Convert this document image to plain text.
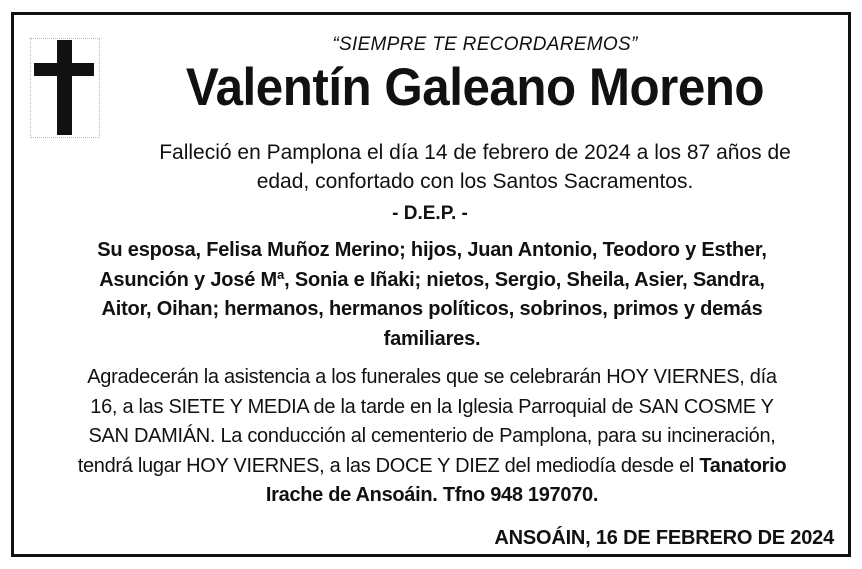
“SIEMPRE TE RECORDAREMOS”
Valentín Galeano Moreno
Falleció en Pamplona el día 14 de febrero de 2024 a los 87 años de
edad, confortado con los Santos Sacramentos.
- D.E.P. -
Su esposa, Felisa Muñoz Merino; hijos, Juan Antonio, Teodoro y Esther,
Asunción y José Mª, Sonia e Iñaki; nietos, Sergio, Sheila, Asier, Sandra,
Aitor, Oihan; hermanos, hermanos políticos, sobrinos, primos y demás
familiares.
Agradecerán la asistencia a los funerales que se celebrarán HOY VIERNES, día
16, a las SIETE Y MEDIA de la tarde en la Iglesia Parroquial de SAN COSME Y
SAN DAMIÁN. La conducción al cementerio de Pamplona, para su incineración,
tendrá lugar HOY VIERNES, a las DOCE Y DIEZ del mediodía desde el Tanatorio
Irache de Ansoáin. Tfno 948 197070.
ANSOÁIN, 16 DE FEBRERO DE 2024
